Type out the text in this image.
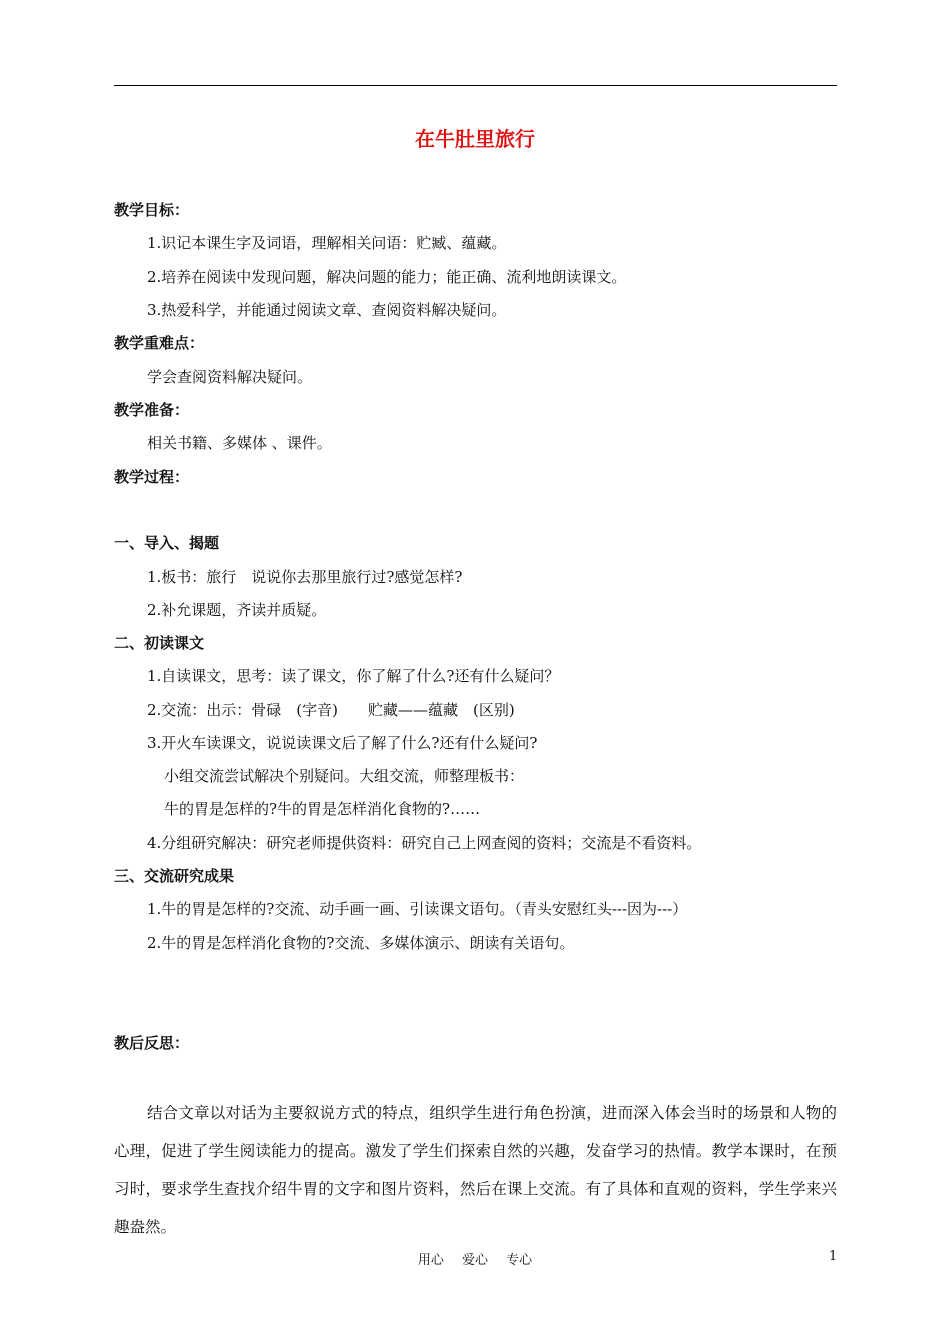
在牛肚里旅行
教学目标：
1.识记本课生字及词语，理解相关问语：贮臧、蕴藏。
2.培养在阅读中发现问题，解决问题的能力；能正确、流利地朗读课文。
3.热爱科学，并能通过阅读文章、查阅资料解决疑问。
教学重难点：
学会查阅资料解决疑问。
教学准备：
相关书籍、多媒体 、课件。
教学过程：
一、导入、揭题
1.板书：旅行　说说你去那里旅行过?感觉怎样?
2.补允课题，齐读并质疑。
二、初读课文
1.自读课文，思考：读了课文，你了解了什么?还有什么疑问？
2.交流：出示：骨碌　(字音)　　贮藏——蕴藏　(区别)
3.开火车读课文，说说读课文后了解了什么?还有什么疑问?
小组交流尝试解决个别疑问。大组交流，师整理板书：
牛的胃是怎样的?牛的胃是怎样消化食物的?……
4.分组研究解决：研究老师提供资料：研究自己上网查阅的资料；交流是不看资料。
三、交流研究成果
1.牛的胃是怎样的?交流、动手画一画、引读课文语句。（青头安慰红头---因为---）
2.牛的胃是怎样消化食物的?交流、多媒体演示、朗读有关语句。
教后反思：
结合文章以对话为主要叙说方式的特点，组织学生进行角色扮演，进而深入体会当时的场景和人物的心理，促进了学生阅读能力的提高。激发了学生们探索自然的兴趣，发奋学习的热情。教学本课时，在预习时，要求学生查找介绍牛胃的文字和图片资料，然后在课上交流。有了具体和直观的资料，学生学来兴趣盎然。
用心 爱心 专心	1
